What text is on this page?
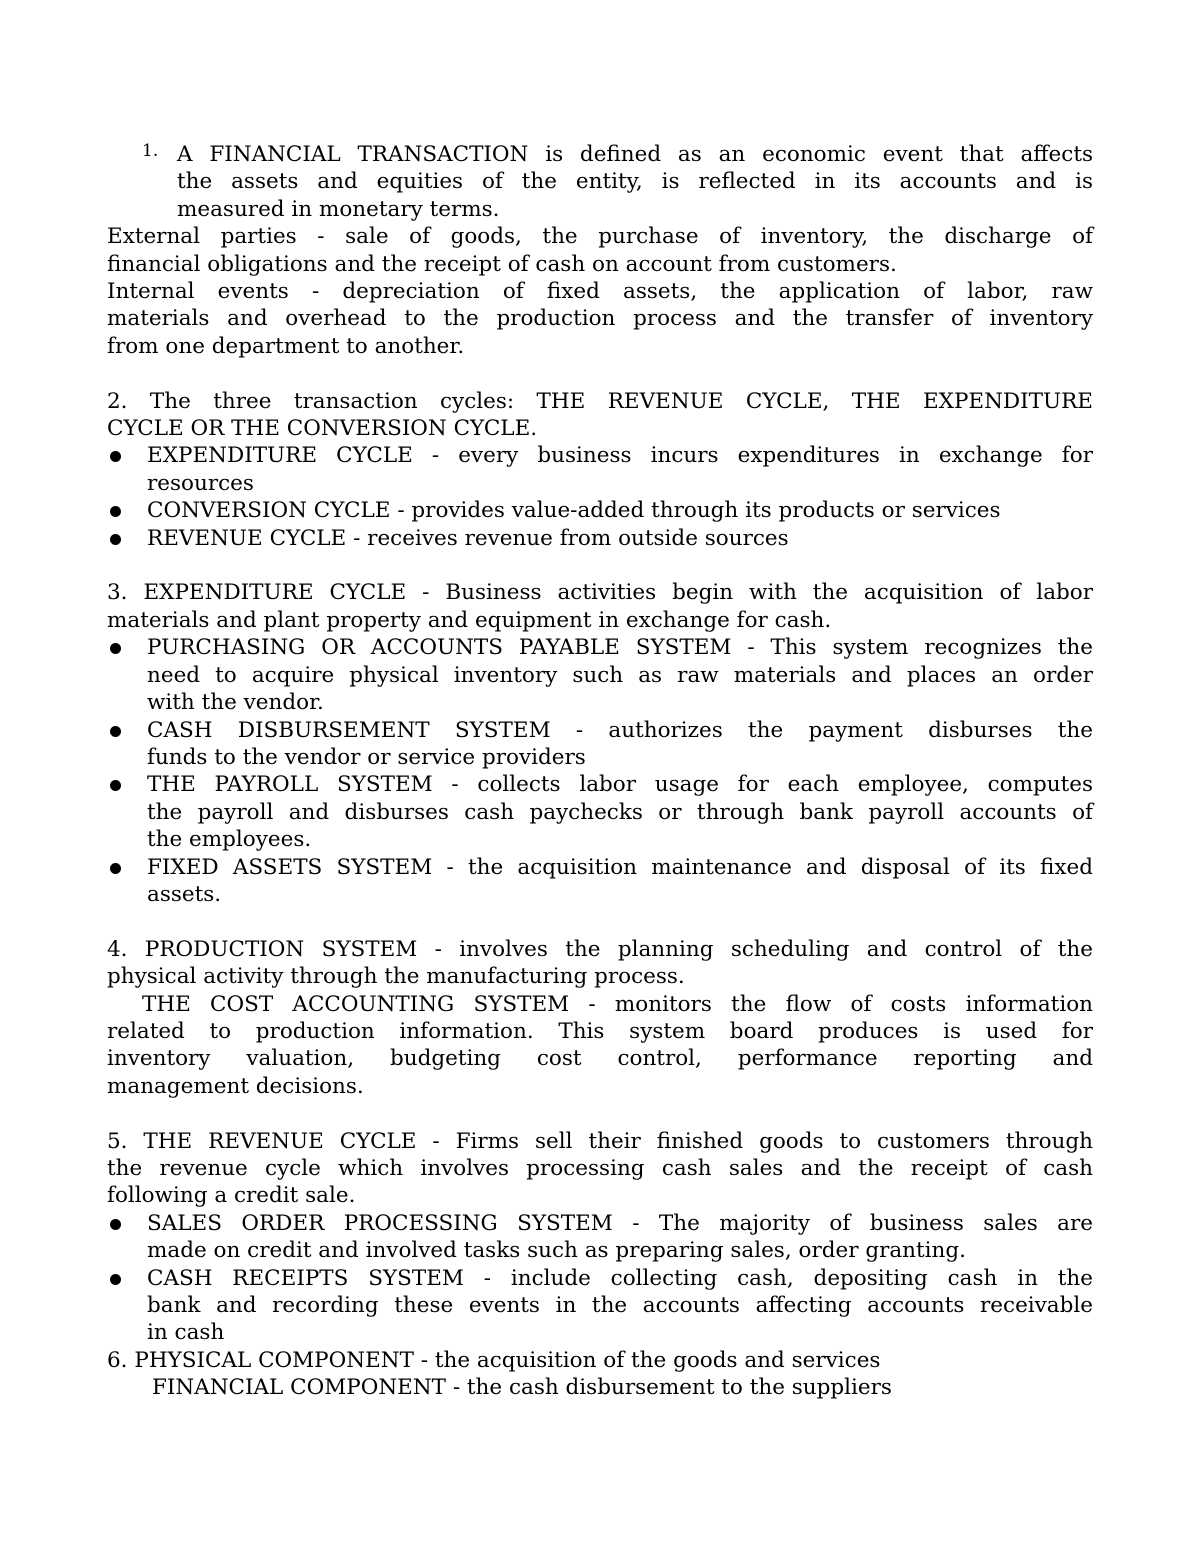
1. A FINANCIAL TRANSACTION is defined as an economic event that affects

the assets and equities of the entity, is reflected in its accounts and is

measured in monetary terms.

External parties - sale of goods, the purchase of inventory, the discharge of

financial obligations and the receipt of cash on account from customers.

Internal events - depreciation of fixed assets, the application of labor, raw

materials and overhead to the production process and the transfer of inventory

from one department to another.

2. The three transaction cycles: THE REVENUE CYCLE, THE EXPENDITURE

CYCLE OR THE CONVERSION CYCLE.

EXPENDITURE CYCLE - every business incurs expenditures in exchange for

resources

CONVERSION CYCLE - provides value-added through its products or services

REVENUE CYCLE - receives revenue from outside sources

3. EXPENDITURE CYCLE - Business activities begin with the acquisition of labor

materials and plant property and equipment in exchange for cash.

PURCHASING OR ACCOUNTS PAYABLE SYSTEM - This system recognizes the

need to acquire physical inventory such as raw materials and places an order

with the vendor.

CASH DISBURSEMENT SYSTEM - authorizes the payment disburses the

funds to the vendor or service providers

THE PAYROLL SYSTEM - collects labor usage for each employee, computes

the payroll and disburses cash paychecks or through bank payroll accounts of

the employees.

FIXED ASSETS SYSTEM - the acquisition maintenance and disposal of its fixed

assets.

4. PRODUCTION SYSTEM - involves the planning scheduling and control of the

physical activity through the manufacturing process.

THE COST ACCOUNTING SYSTEM - monitors the flow of costs information

related to production information. This system board produces is used for

inventory valuation, budgeting cost control, performance reporting and

management decisions.

5. THE REVENUE CYCLE - Firms sell their finished goods to customers through

the revenue cycle which involves processing cash sales and the receipt of cash

following a credit sale.

SALES ORDER PROCESSING SYSTEM - The majority of business sales are

made on credit and involved tasks such as preparing sales, order granting.

CASH RECEIPTS SYSTEM - include collecting cash, depositing cash in the

bank and recording these events in the accounts affecting accounts receivable

in cash

6. PHYSICAL COMPONENT - the acquisition of the goods and services

FINANCIAL COMPONENT - the cash disbursement to the suppliers
